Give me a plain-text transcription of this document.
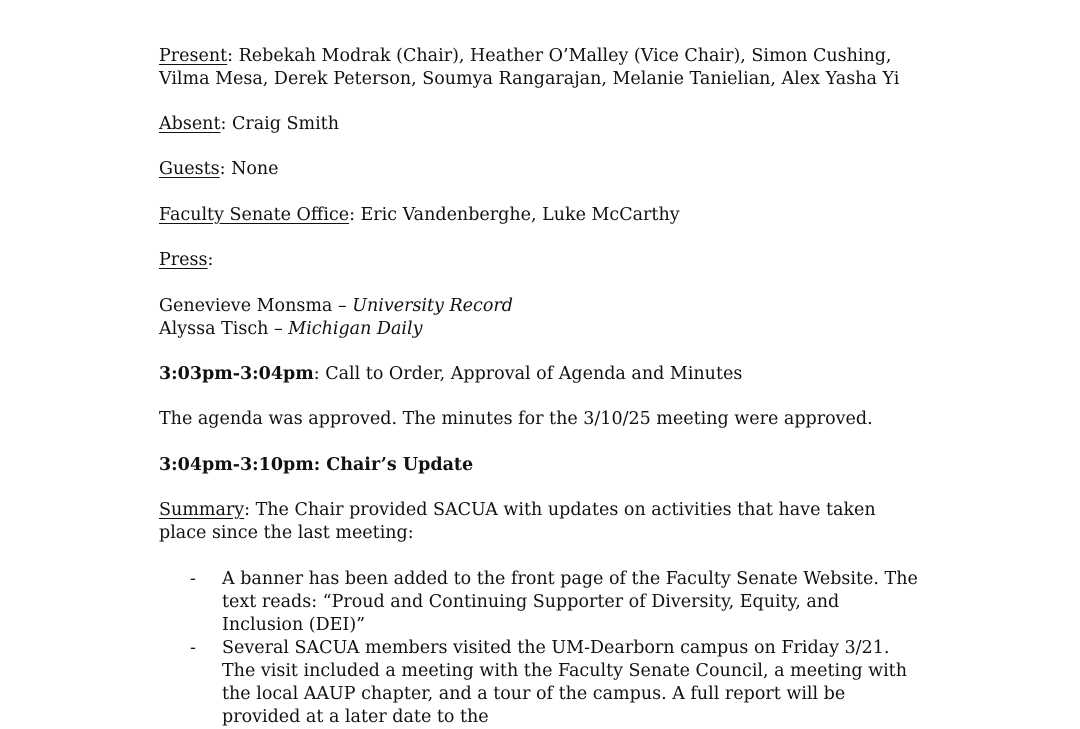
Present: Rebekah Modrak (Chair), Heather O’Malley (Vice Chair), Simon Cushing, Vilma Mesa, Derek Peterson, Soumya Rangarajan, Melanie Tanielian, Alex Yasha Yi

Absent: Craig Smith

Guests: None

Faculty Senate Office: Eric Vandenberghe, Luke McCarthy

Press:

Genevieve Monsma – University Record

Alyssa Tisch – Michigan Daily

3:03pm-3:04pm: Call to Order, Approval of Agenda and Minutes

The agenda was approved. The minutes for the 3/10/25 meeting were approved.

3:04pm-3:10pm: Chair’s Update

Summary: The Chair provided SACUA with updates on activities that have taken place since the last meeting:

- A banner has been added to the front page of the Faculty Senate Website. The text reads: “Proud and Continuing Supporter of Diversity, Equity, and Inclusion (DEI)”
- Several SACUA members visited the UM-Dearborn campus on Friday 3/21. The visit included a meeting with the Faculty Senate Council, a meeting with the local AAUP chapter, and a tour of the campus. A full report will be provided at a later date to the
